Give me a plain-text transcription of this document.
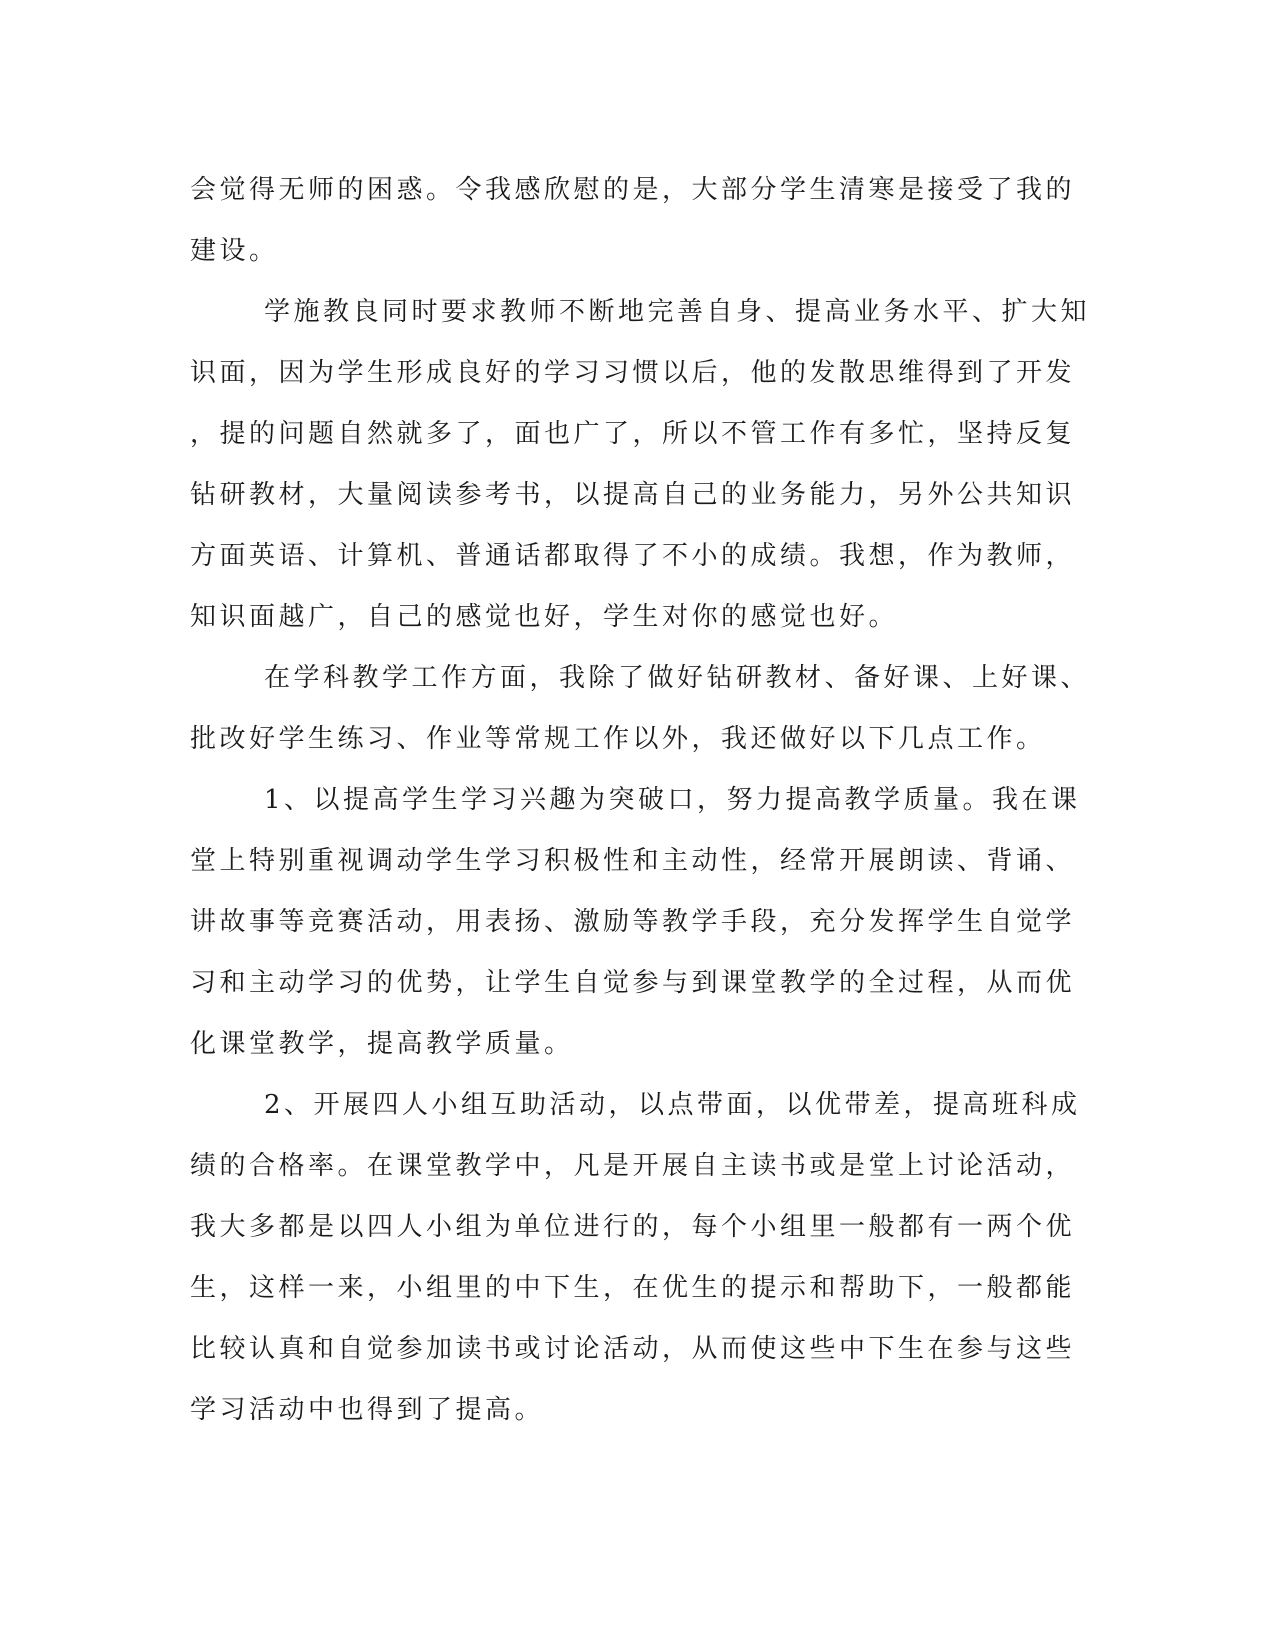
会觉得无师的困惑。令我感欣慰的是，大部分学生清寒是接受了我的
建设。
学施教良同时要求教师不断地完善自身、提高业务水平、扩大知
识面，因为学生形成良好的学习习惯以后，他的发散思维得到了开发
，提的问题自然就多了，面也广了，所以不管工作有多忙，坚持反复
钻研教材，大量阅读参考书，以提高自己的业务能力，另外公共知识
方面英语、计算机、普通话都取得了不小的成绩。我想，作为教师，
知识面越广，自己的感觉也好，学生对你的感觉也好。
在学科教学工作方面，我除了做好钻研教材、备好课、上好课、
批改好学生练习、作业等常规工作以外，我还做好以下几点工作。
1、以提高学生学习兴趣为突破口，努力提高教学质量。我在课
堂上特别重视调动学生学习积极性和主动性，经常开展朗读、背诵、
讲故事等竞赛活动，用表扬、激励等教学手段，充分发挥学生自觉学
习和主动学习的优势，让学生自觉参与到课堂教学的全过程，从而优
化课堂教学，提高教学质量。
2、开展四人小组互助活动，以点带面，以优带差，提高班科成
绩的合格率。在课堂教学中，凡是开展自主读书或是堂上讨论活动，
我大多都是以四人小组为单位进行的，每个小组里一般都有一两个优
生，这样一来，小组里的中下生，在优生的提示和帮助下，一般都能
比较认真和自觉参加读书或讨论活动，从而使这些中下生在参与这些
学习活动中也得到了提高。
